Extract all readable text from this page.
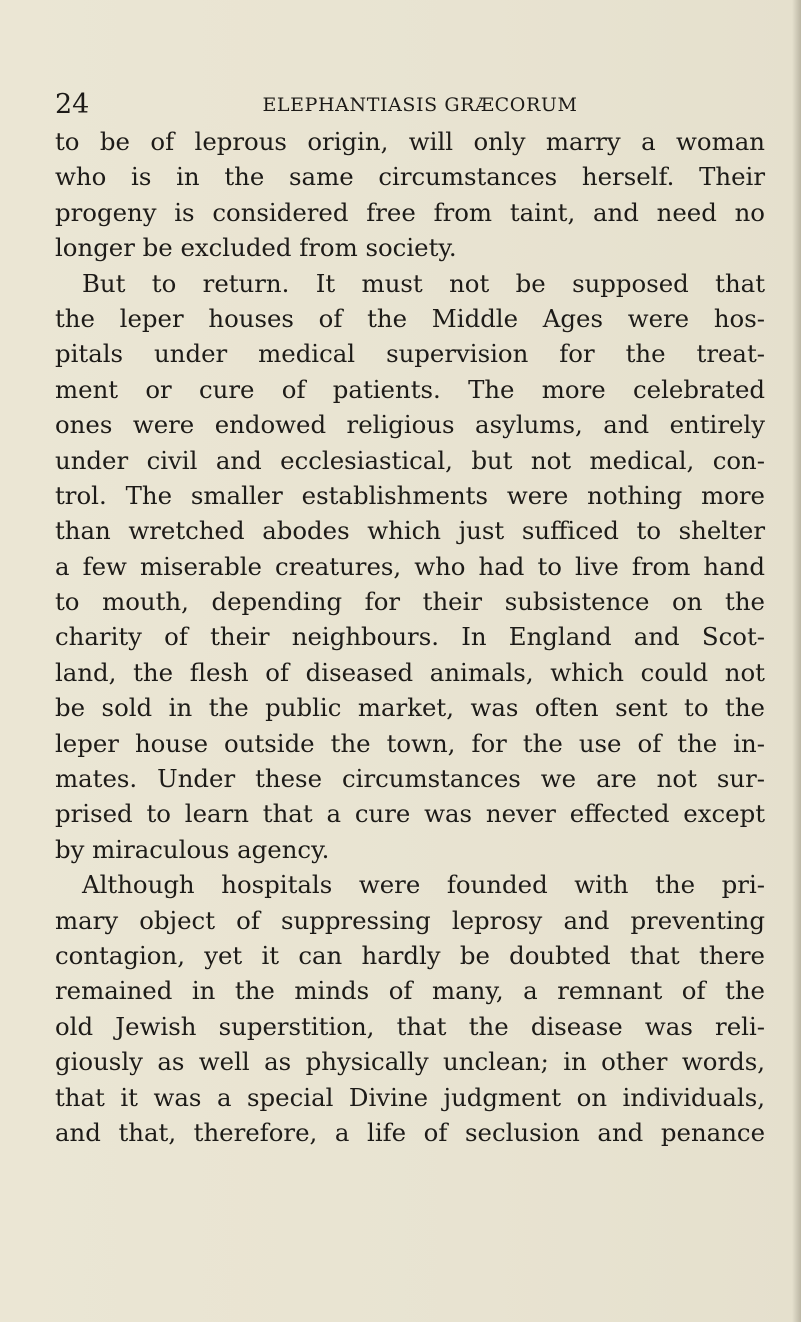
24	ELEPHANTIASIS GRÆCORUM
to be of leprous origin, will only marry a woman
who is in the same circumstances herself. Their
progeny is considered free from taint, and need no
longer be excluded from society.
But to return. It must not be supposed that
the leper houses of the Middle Ages were hos-
pitals under medical supervision for the treat-
ment or cure of patients. The more celebrated
ones were endowed religious asylums, and entirely
under civil and ecclesiastical, but not medical, con-
trol. The smaller establishments were nothing more
than wretched abodes which just sufficed to shelter
a few miserable creatures, who had to live from hand
to mouth, depending for their subsistence on the
charity of their neighbours. In England and Scot-
land, the flesh of diseased animals, which could not
be sold in the public market, was often sent to the
leper house outside the town, for the use of the in-
mates. Under these circumstances we are not sur-
prised to learn that a cure was never effected except
by miraculous agency.
Although hospitals were founded with the pri-
mary object of suppressing leprosy and preventing
contagion, yet it can hardly be doubted that there
remained in the minds of many, a remnant of the
old Jewish superstition, that the disease was reli-
giously as well as physically unclean; in other words,
that it was a special Divine judgment on individuals,
and that, therefore, a life of seclusion and penance
